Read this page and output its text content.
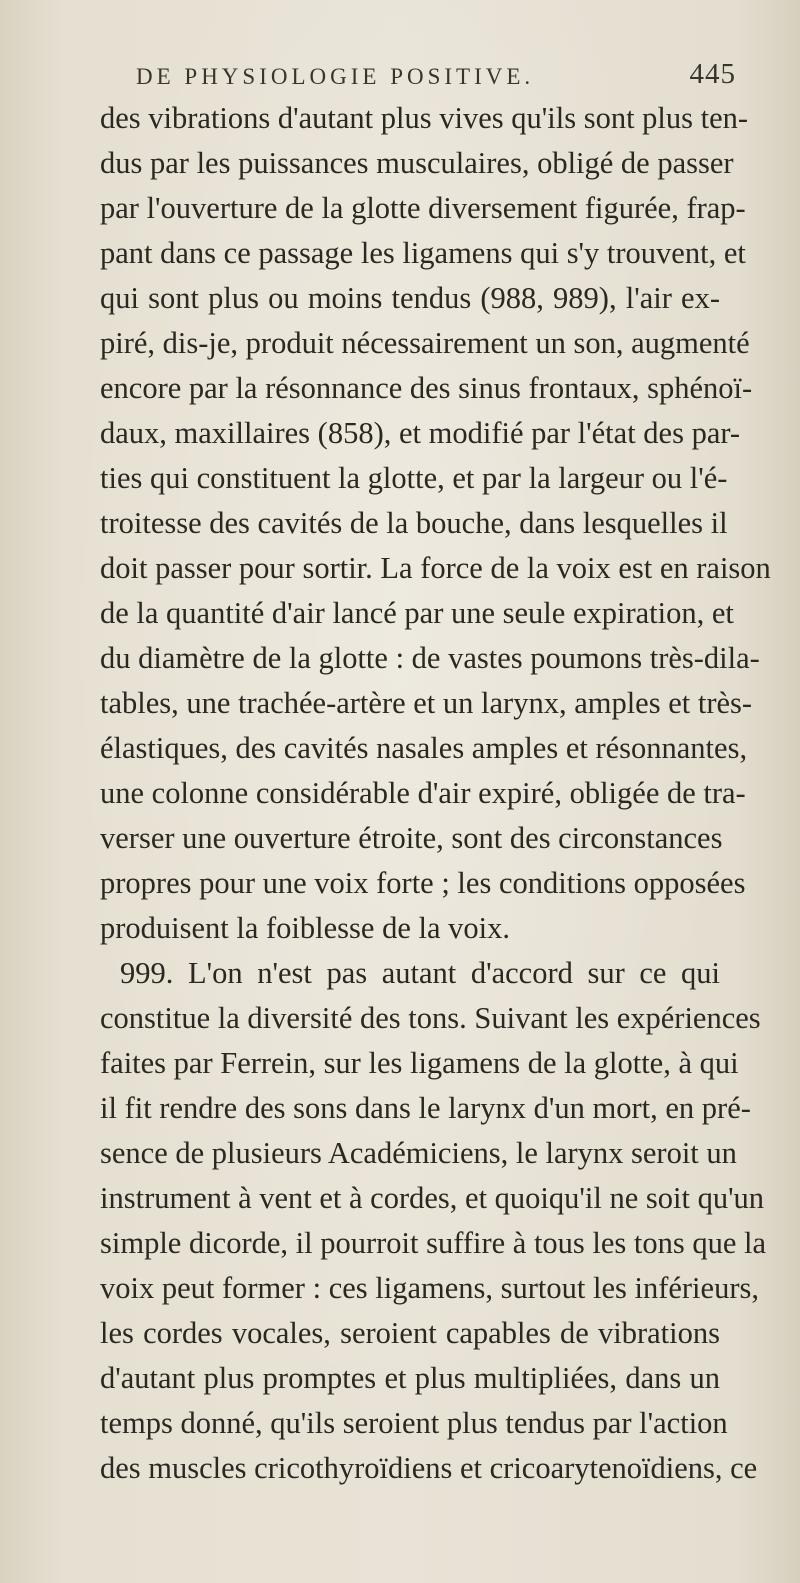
DE PHYSIOLOGIE POSITIVE.	445
des vibrations d'autant plus vives qu'ils sont plus ten-
dus par les puissances musculaires, obligé de passer
par l'ouverture de la glotte diversement figurée, frap-
pant dans ce passage les ligamens qui s'y trouvent, et
qui sont plus ou moins tendus (988, 989), l'air ex-
piré, dis-je, produit nécessairement un son, augmenté
encore par la résonnance des sinus frontaux, sphénoï-
daux, maxillaires (858), et modifié par l'état des par-
ties qui constituent la glotte, et par la largeur ou l'é-
troitesse des cavités de la bouche, dans lesquelles il
doit passer pour sortir. La force de la voix est en raison
de la quantité d'air lancé par une seule expiration, et
du diamètre de la glotte : de vastes poumons très-dila-
tables, une trachée-artère et un larynx, amples et très-
élastiques, des cavités nasales amples et résonnantes,
une colonne considérable d'air expiré, obligée de tra-
verser une ouverture étroite, sont des circonstances
propres pour une voix forte ; les conditions opposées
produisent la foiblesse de la voix.
999. L'on n'est pas autant d'accord sur ce qui
constitue la diversité des tons. Suivant les expériences
faites par Ferrein, sur les ligamens de la glotte, à qui
il fit rendre des sons dans le larynx d'un mort, en pré-
sence de plusieurs Académiciens, le larynx seroit un
instrument à vent et à cordes, et quoiqu'il ne soit qu'un
simple dicorde, il pourroit suffire à tous les tons que la
voix peut former : ces ligamens, surtout les inférieurs,
les cordes vocales, seroient capables de vibrations
d'autant plus promptes et plus multipliées, dans un
temps donné, qu'ils seroient plus tendus par l'action
des muscles cricothyroïdiens et cricoarytenoïdiens, ce
